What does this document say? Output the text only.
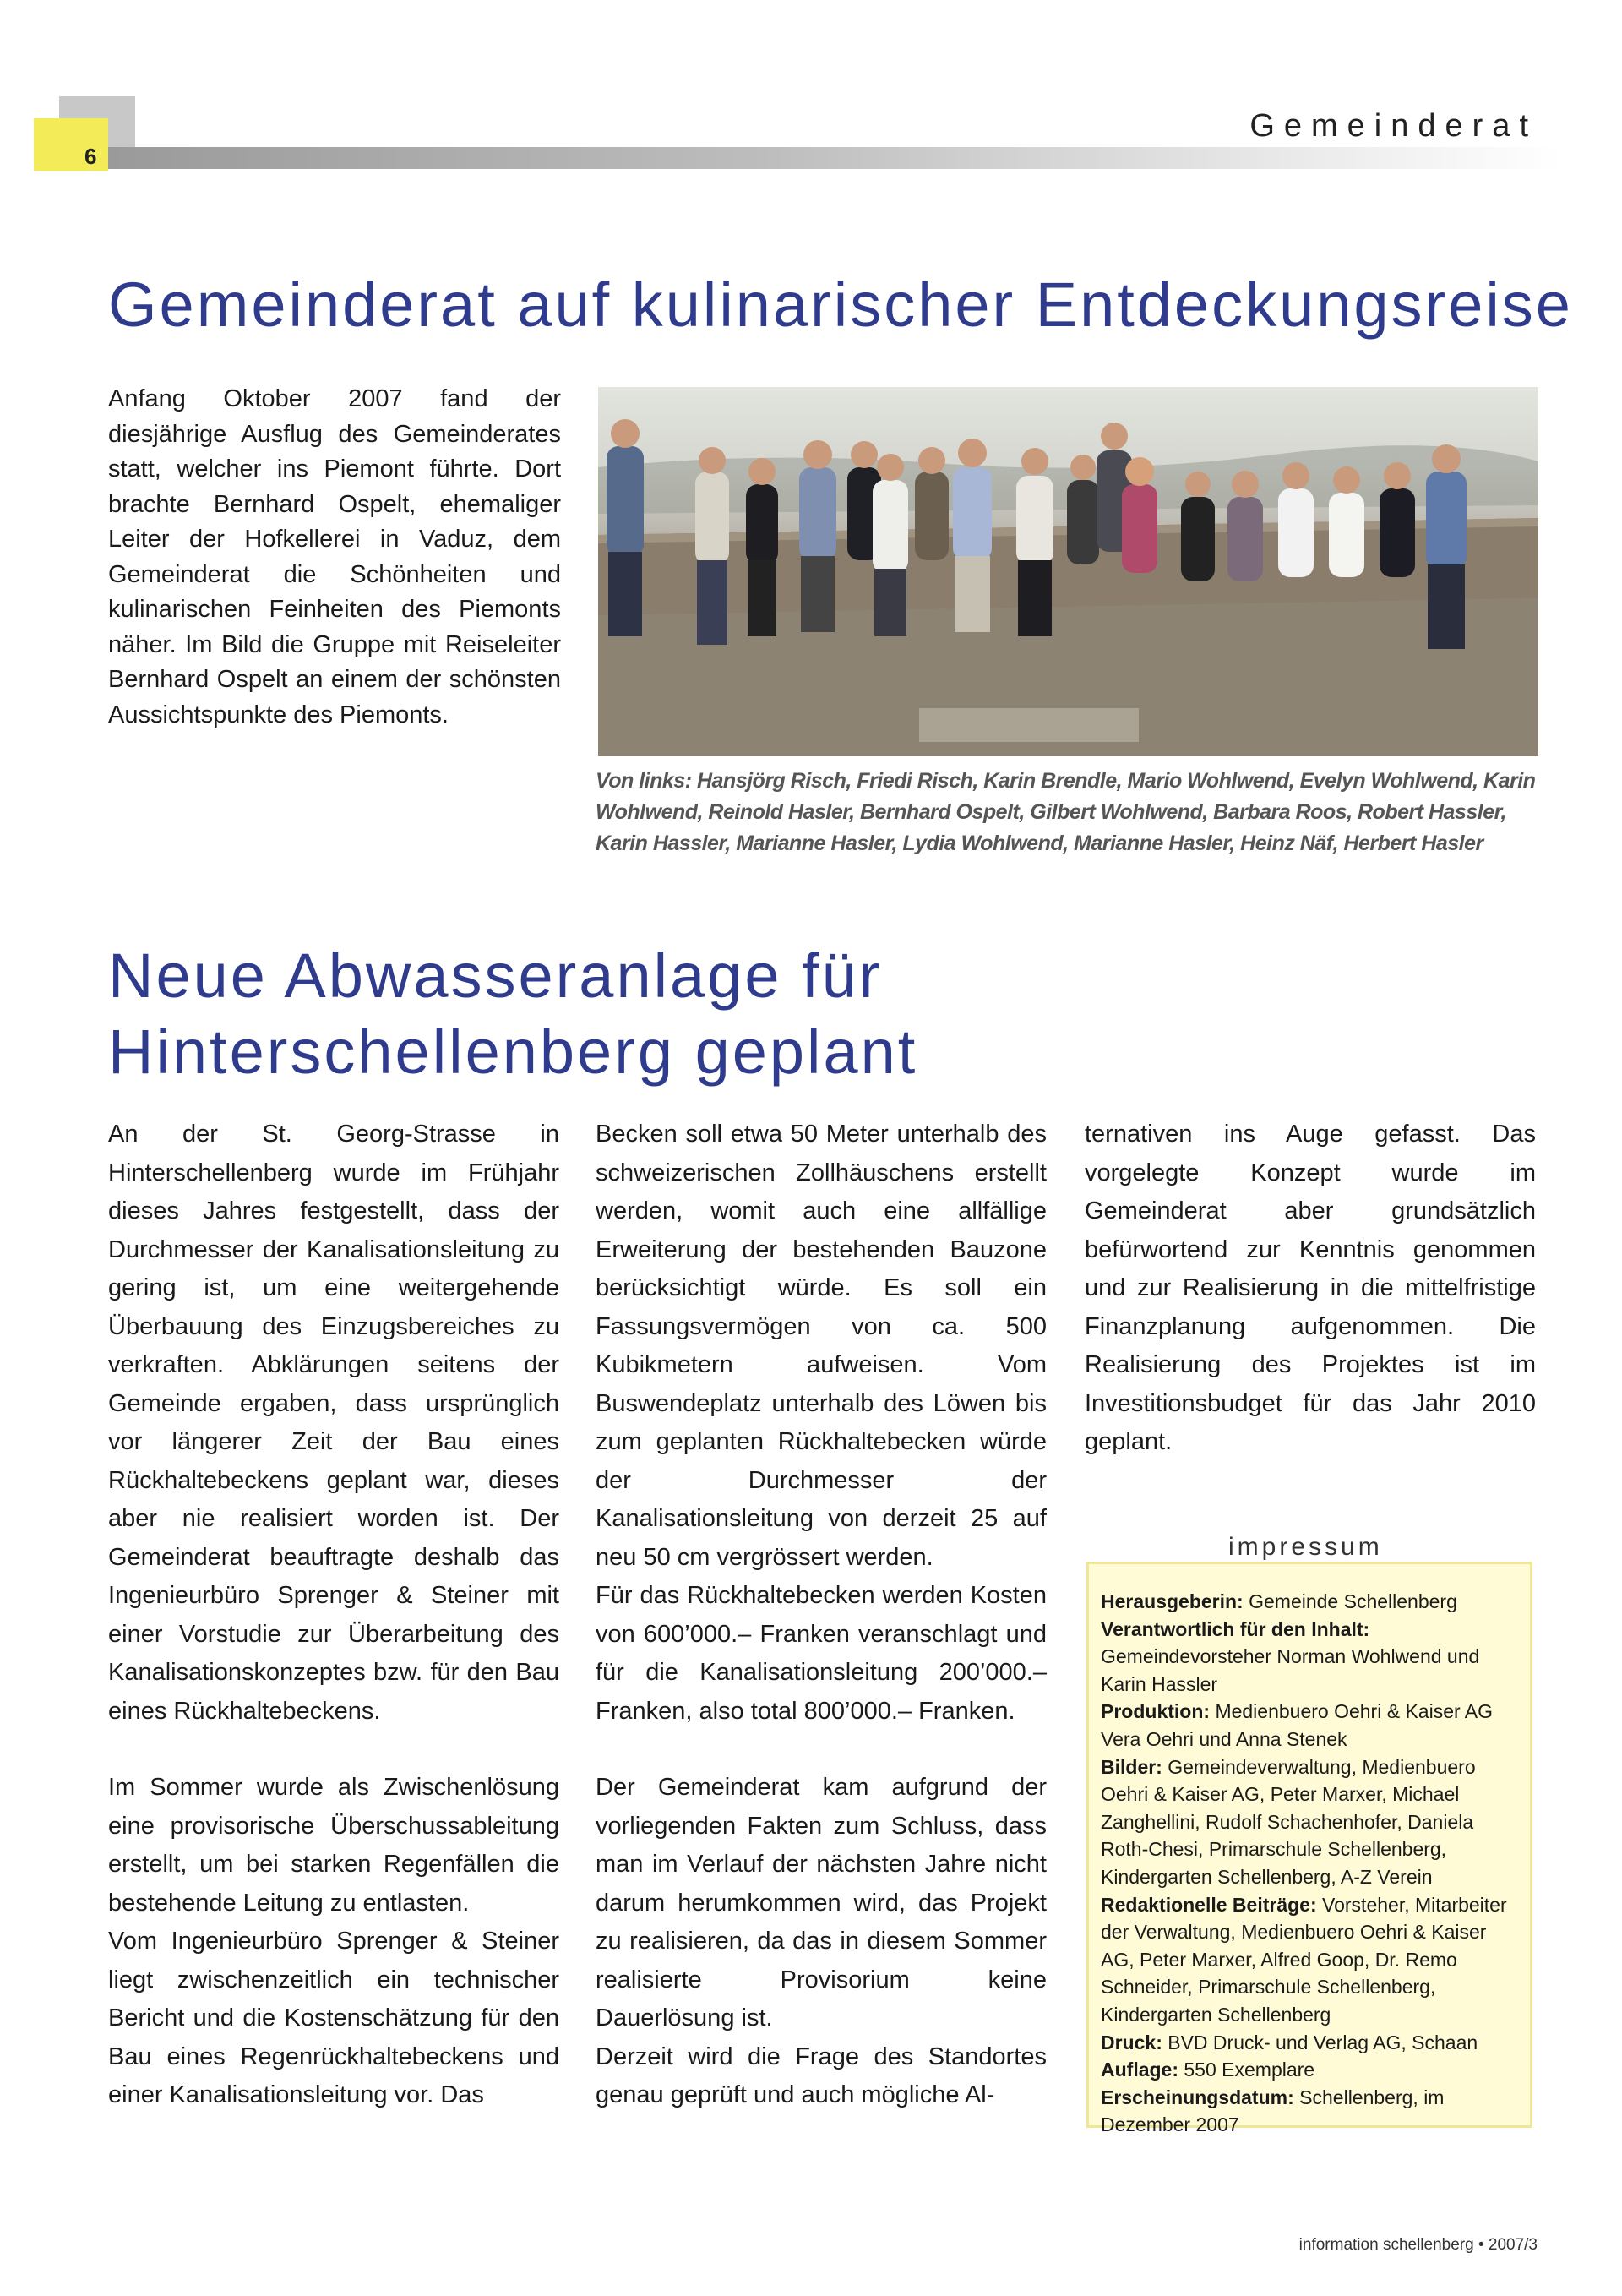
6
Gemeinderat
Gemeinderat auf kulinarischer Entdeckungsreise
Anfang Oktober 2007 fand der diesjährige Ausflug des Gemeinderates statt, welcher ins Piemont führte. Dort brachte Bernhard Ospelt, ehemaliger Leiter der Hofkellerei in Vaduz, dem Gemeinderat die Schönheiten und kulinarischen Feinheiten des Piemonts näher. Im Bild die Gruppe mit Reiseleiter Bernhard Ospelt an einem der schönsten Aussichtspunkte des Piemonts.
Von links: Hansjörg Risch, Friedi Risch, Karin Brendle, Mario Wohlwend, Evelyn Wohlwend, Karin Wohlwend, Reinold Hasler, Bernhard Ospelt, Gilbert Wohlwend, Barbara Roos, Robert Hassler, Karin Hassler, Marianne Hasler, Lydia Wohlwend, Marianne Hasler, Heinz Näf, Herbert Hasler
Neue Abwasseranlage für
Hinterschellenberg geplant

An der St. Georg-Strasse in Hinterschellenberg wurde im Frühjahr dieses Jahres festgestellt, dass der Durchmesser der Kanalisationsleitung zu gering ist, um eine weitergehende Überbauung des Einzugsbereiches zu verkraften. Abklärungen seitens der Gemeinde ergaben, dass ursprünglich vor längerer Zeit der Bau eines Rückhaltebeckens geplant war, dieses aber nie realisiert worden ist. Der Gemeinderat beauftragte deshalb das Ingenieurbüro Sprenger & Steiner mit einer Vorstudie zur Überarbeitung des Kanalisationskonzeptes bzw. für den Bau eines Rückhaltebeckens.

Im Sommer wurde als Zwischenlösung eine provisorische Überschussableitung erstellt, um bei starken Regenfällen die bestehende Leitung zu entlasten.

Vom Ingenieurbüro Sprenger & Steiner liegt zwischenzeitlich ein technischer Bericht und die Kostenschätzung für den Bau eines Regenrückhaltebeckens und einer Kanalisationsleitung vor. Das

Becken soll etwa 50 Meter unterhalb des schweizerischen Zollhäuschens erstellt werden, womit auch eine allfällige Erweiterung der bestehenden Bauzone berücksichtigt würde. Es soll ein Fassungsvermögen von ca. 500 Kubikmetern aufweisen. Vom Buswendeplatz unterhalb des Löwen bis zum geplanten Rückhaltebecken würde der Durchmesser der Kanalisationsleitung von derzeit 25 auf neu 50 cm vergrössert werden.

Für das Rückhaltebecken werden Kosten von 600’000.– Franken veranschlagt und für die Kanalisationsleitung 200’000.– Franken, also total 800’000.– Franken.

Der Gemeinderat kam aufgrund der vorliegenden Fakten zum Schluss, dass man im Verlauf der nächsten Jahre nicht darum herumkommen wird, das Projekt zu realisieren, da das in diesem Sommer realisierte Provisorium keine Dauerlösung ist.

Derzeit wird die Frage des Standortes genau geprüft und auch mögliche Al-

ternativen ins Auge gefasst. Das vorgelegte Konzept wurde im Gemeinderat aber grundsätzlich befürwortend zur Kenntnis genommen und zur Realisierung in die mittelfristige Finanzplanung aufgenommen. Die Realisierung des Projektes ist im Investitionsbudget für das Jahr 2010 geplant.

impressum
Herausgeberin: Gemeinde Schellenberg
Verantwortlich für den Inhalt: Gemeindevorsteher Norman Wohlwend und Karin Hassler
Produktion: Medienbuero Oehri & Kaiser AG Vera Oehri und Anna Stenek
Bilder: Gemeindeverwaltung, Medienbuero Oehri & Kaiser AG, Peter Marxer, Michael Zanghellini, Rudolf Schachenhofer, Daniela Roth-Chesi, Primarschule Schellenberg, Kindergarten Schellenberg, A-Z Verein
Redaktionelle Beiträge: Vorsteher, Mitarbeiter der Verwaltung, Medienbuero Oehri & Kaiser AG, Peter Marxer, Alfred Goop, Dr. Remo Schneider, Primarschule Schellenberg, Kindergarten Schellenberg
Druck: BVD Druck- und Verlag AG, Schaan
Auflage: 550 Exemplare
Erscheinungsdatum: Schellenberg, im Dezember 2007
information schellenberg • 2007/3
